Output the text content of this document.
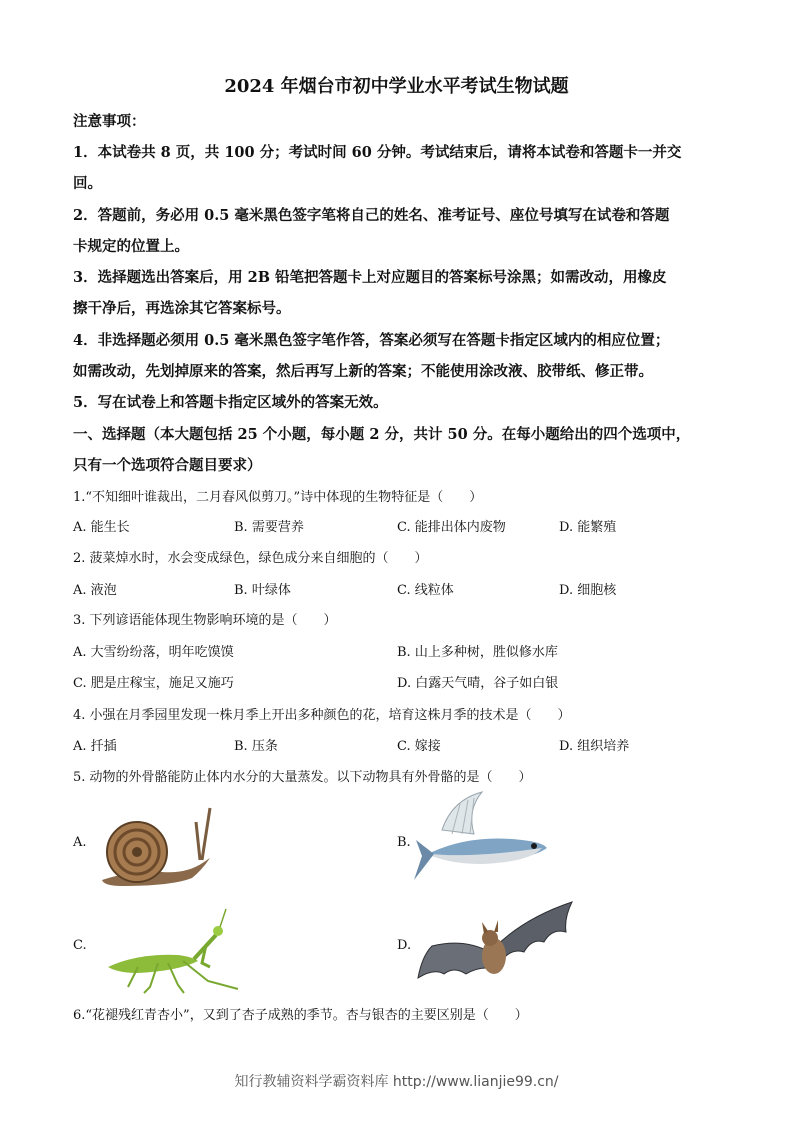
2024 年烟台市初中学业水平考试生物试题
注意事项：
1．本试卷共 8 页，共 100 分；考试时间 60 分钟。考试结束后，请将本试卷和答题卡一并交
回。
2．答题前，务必用 0.5 毫米黑色签字笔将自己的姓名、准考证号、座位号填写在试卷和答题
卡规定的位置上。
3．选择题选出答案后，用 2B 铅笔把答题卡上对应题目的答案标号涂黑；如需改动，用橡皮
擦干净后，再选涂其它答案标号。
4．非选择题必须用 0.5 毫米黑色签字笔作答，答案必须写在答题卡指定区域内的相应位置；
如需改动，先划掉原来的答案，然后再写上新的答案；不能使用涂改液、胶带纸、修正带。
5．写在试卷上和答题卡指定区域外的答案无效。
一、选择题（本大题包括 25 个小题，每小题 2 分，共计 50 分。在每小题给出的四个选项中，
只有一个选项符合题目要求）
1.“不知细叶谁裁出，二月春风似剪刀。”诗中体现的生物特征是（　　）
A. 能生长	B. 需要营养	C. 能排出体内废物	D. 能繁殖
2. 菠菜焯水时，水会变成绿色，绿色成分来自细胞的（　　）
A. 液泡	B. 叶绿体	C. 线粒体	D. 细胞核
3. 下列谚语能体现生物影响环境的是（　　）
A. 大雪纷纷落，明年吃馍馍	B. 山上多种树，胜似修水库
C. 肥是庄稼宝，施足又施巧	D. 白露天气晴，谷子如白银
4. 小强在月季园里发现一株月季上开出多种颜色的花，培育这株月季的技术是（　　）
A. 扦插	B. 压条	C. 嫁接	D. 组织培养
5. 动物的外骨骼能防止体内水分的大量蒸发。以下动物具有外骨骼的是（　　）
A.	B.
C.	D.
6.“花褪残红青杏小”，又到了杏子成熟的季节。杏与银杏的主要区别是（　　）
知行教辅资料学霸资料库 http://www.lianjie99.cn/
